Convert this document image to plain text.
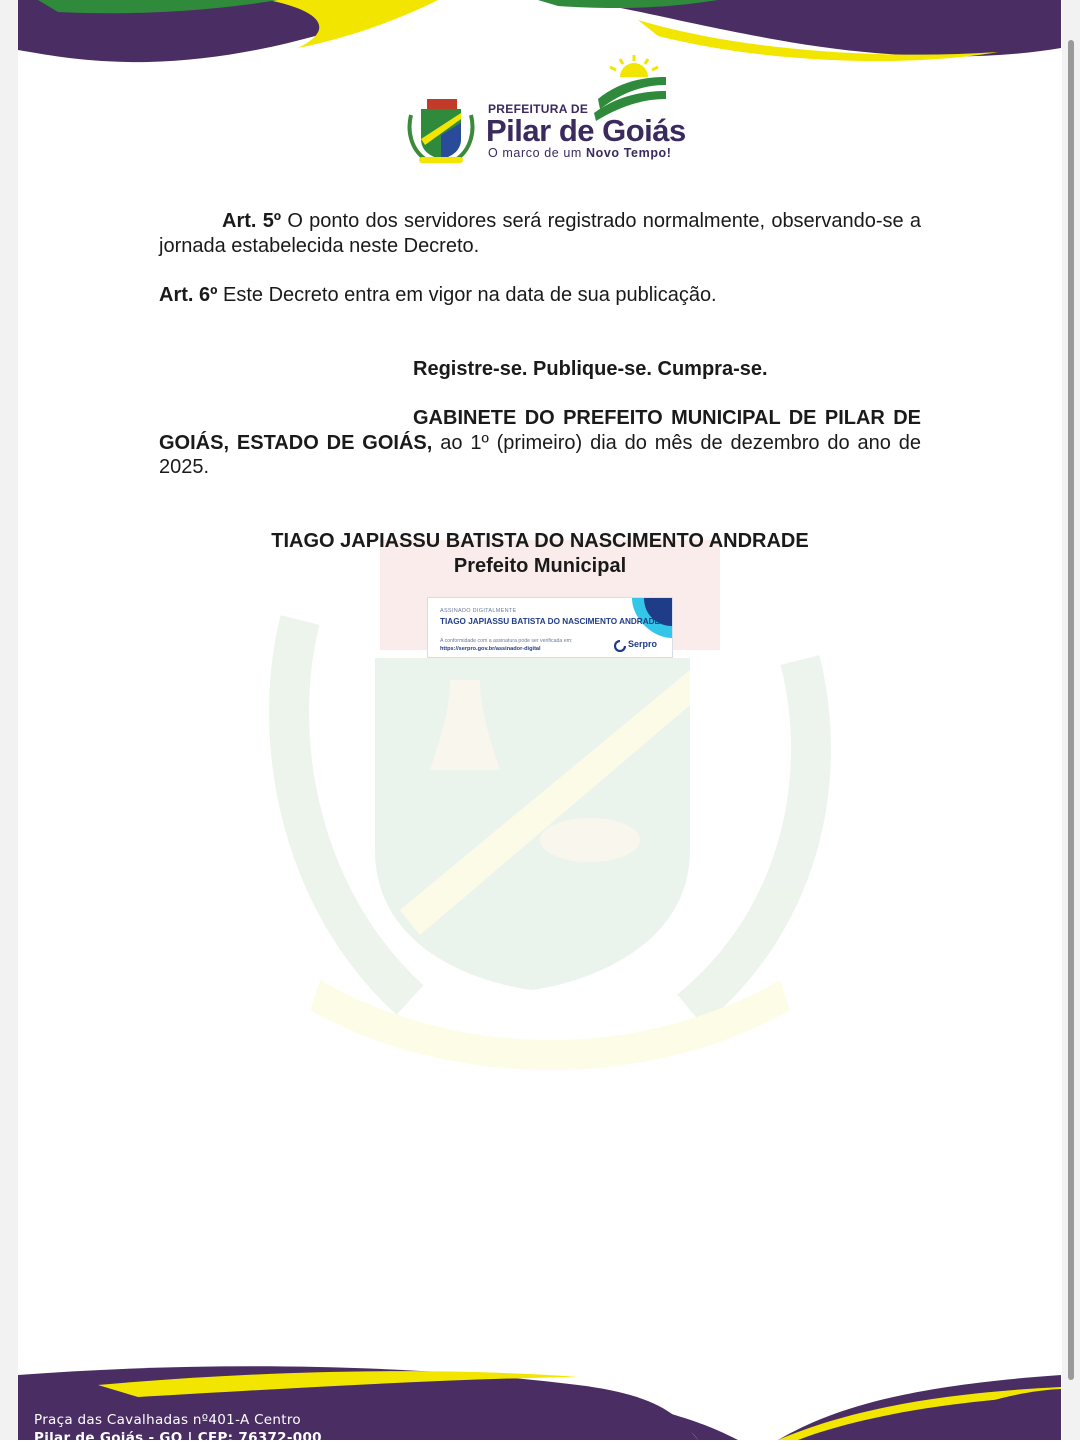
PREFEITURA DE
Pilar de Goiás
O marco de um Novo Tempo!
Art. 5º O ponto dos servidores será registrado normalmente, observando-se a jornada estabelecida neste Decreto.
Art. 6º Este Decreto entra em vigor na data de sua publicação.
Registre-se. Publique-se. Cumpra-se.
GABINETE DO PREFEITO MUNICIPAL DE PILAR DE GOIÁS, ESTADO DE GOIÁS, ao 1º (primeiro) dia do mês de dezembro do ano de 2025.
TIAGO JAPIASSU BATISTA DO NASCIMENTO ANDRADE
Prefeito Municipal
ASSINADO DIGITALMENTE
TIAGO JAPIASSU BATISTA DO NASCIMENTO ANDRADE
A conformidade com a assinatura pode ser verificada em:
https://serpro.gov.br/assinador-digital	Serpro
Praça das Cavalhadas nº401-A Centro
Pilar de Goiás - GO | CEP: 76372-000
